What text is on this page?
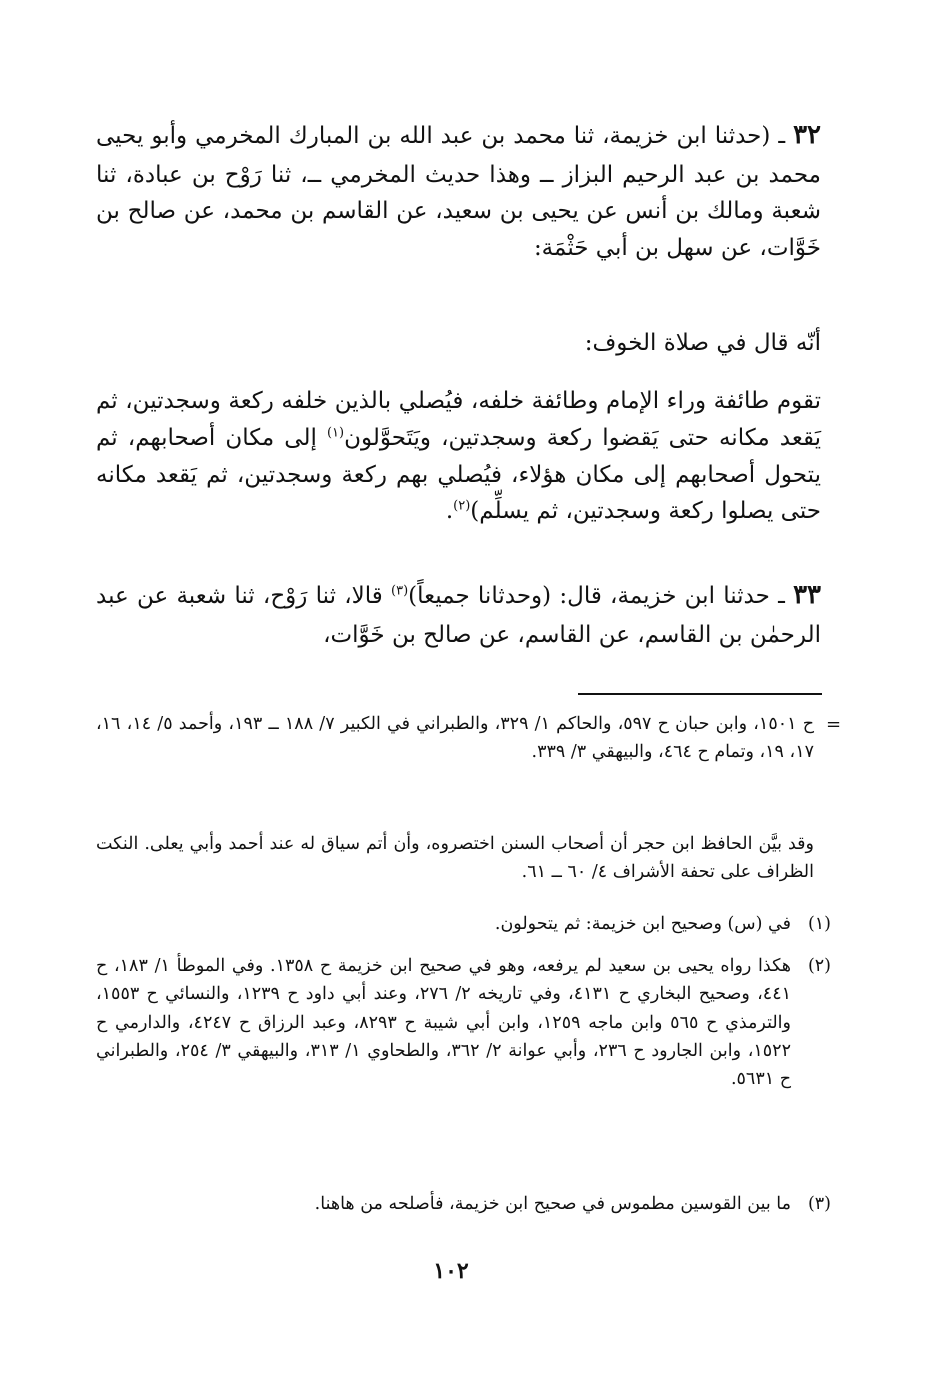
٣٢ ـ (حدثنا ابن خزيمة، ثنا محمد بن عبد الله بن المبارك المخرمي وأبو يحيى محمد بن عبد الرحيم البزاز ــ وهذا حديث المخرمي ــ، ثنا رَوْح بن عبادة، ثنا شعبة ومالك بن أنس عن يحيى بن سعيد، عن القاسم بن محمد، عن صالح بن خَوَّات، عن سهل بن أبي حَثْمَة:
أنّه قال في صلاة الخوف:
تقوم طائفة وراء الإمام وطائفة خلفه، فيُصلي بالذين خلفه ركعة وسجدتين، ثم يَقعد مكانه حتى يَقضوا ركعة وسجدتين، ويَتَحوَّلون$^{(١)}$ إلى مكان أصحابهم، ثم يتحول أصحابهم إلى مكان هؤلاء، فيُصلي بهم ركعة وسجدتين، ثم يَقعد مكانه حتى يصلوا ركعة وسجدتين، ثم يسلِّم)$^{(٢)}$.
٣٣ ـ حدثنا ابن خزيمة، قال: (وحدثانا جميعاً)$^{(٣)}$ قالا، ثنا رَوْح، ثنا شعبة عن عبد الرحمٰن بن القاسم، عن القاسم، عن صالح بن خَوَّات،
=
ح ١٥٠١، وابن حبان ح ٥٩٧، والحاكم ١/ ٣٢٩، والطبراني في الكبير ٧/ ١٨٨ ــ ١٩٣، وأحمد ٥/ ١٤، ١٦، ١٧، ١٩، وتمام ح ٤٦٤، والبيهقي ٣/ ٣٣٩.
وقد بيَّن الحافظ ابن حجر أن أصحاب السنن اختصروه، وأن أتم سياق له عند أحمد وأبي يعلى. النكت الظراف على تحفة الأشراف ٤/ ٦٠ ــ ٦١.
(١)
في (س) وصحيح ابن خزيمة: ثم يتحولون.
(٢)
هكذا رواه يحيى بن سعيد لم يرفعه، وهو في صحيح ابن خزيمة ح ١٣٥٨. وفي الموطأ ١/ ١٨٣، ح ٤٤١، وصحيح البخاري ح ٤١٣١، وفي تاريخه ٢/ ٢٧٦، وعند أبي داود ح ١٢٣٩، والنسائي ح ١٥٥٣، والترمذي ح ٥٦٥ وابن ماجه ١٢٥٩، وابن أبي شيبة ح ٨٢٩٣، وعبد الرزاق ح ٤٢٤٧، والدارمي ح ١٥٢٢، وابن الجارود ح ٢٣٦، وأبي عوانة ٢/ ٣٦٢، والطحاوي ١/ ٣١٣، والبيهقي ٣/ ٢٥٤، والطبراني ح ٥٦٣١.
(٣)
ما بين القوسين مطموس في صحيح ابن خزيمة، فأصلحه من هاهنا.
١٠٢
